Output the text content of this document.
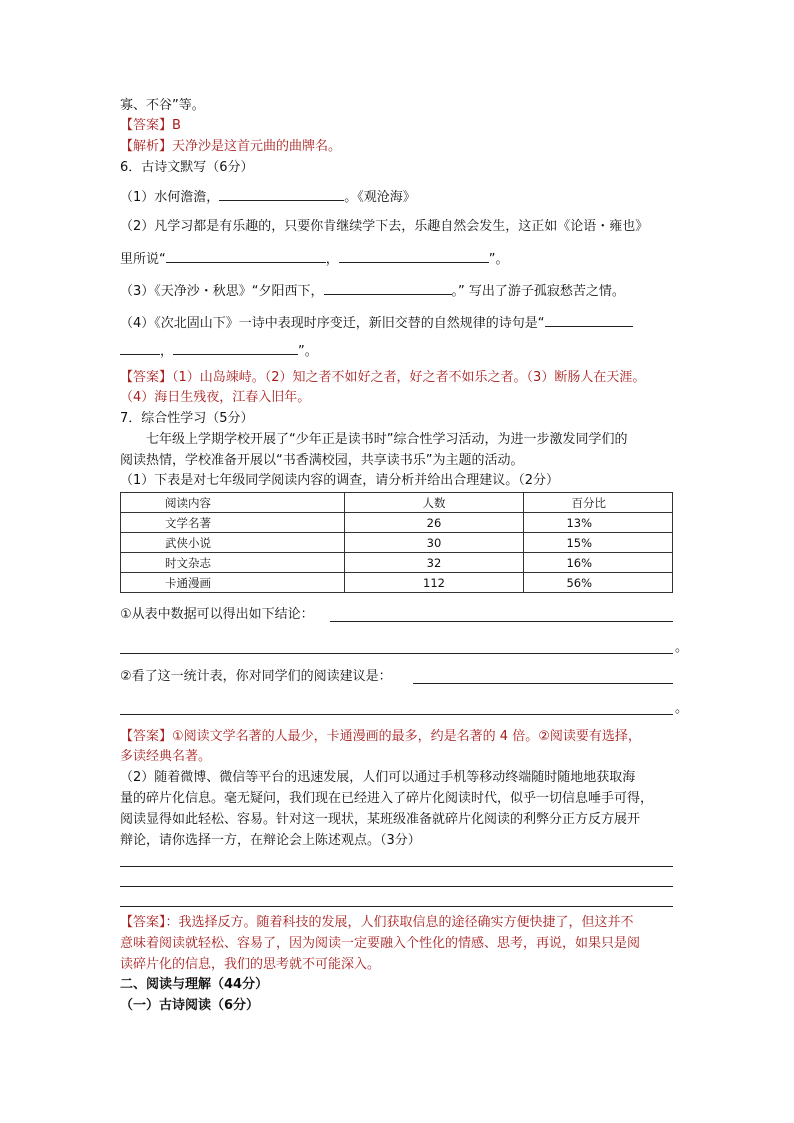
寡、不谷”等。
【答案】B
【解析】天净沙是这首元曲的曲牌名。
6．古诗文默写（6分）
（1）水何澹澹，	。《观沧海》
（2）凡学习都是有乐趣的，只要你肯继续学下去，乐趣自然会发生，这正如《论语・雍也》
里所说“	，	”。
（3）《天净沙・秋思》“夕阳西下，	。” 写出了游子孤寂愁苦之情。
（4）《次北固山下》一诗中表现时序变迁，新旧交替的自然规律的诗句是“
，	”。
【答案】（1）山岛竦峙。（2）知之者不如好之者，好之者不如乐之者。（3）断肠人在天涯。
（4）海日生残夜，江春入旧年。
7．综合性学习（5分）
七年级上学期学校开展了“少年正是读书时”综合性学习活动，为进一步激发同学们的
阅读热情，学校准备开展以“书香满校园，共享读书乐”为主题的活动。
（1）下表是对七年级同学阅读内容的调查，请分析并给出合理建议。（2分）
阅读内容	人数	百分比
文学名著	26	13%
武侠小说	30	15%
时文杂志	32	16%
卡通漫画	112	56%
①从表中数据可以得出如下结论：
。
②看了这一统计表，你对同学们的阅读建议是：
。
【答案】①阅读文学名著的人最少，卡通漫画的最多，约是名著的 4 倍。②阅读要有选择，
多读经典名著。
（2）随着微博、微信等平台的迅速发展，人们可以通过手机等移动终端随时随地地获取海
量的碎片化信息。毫无疑问，我们现在已经进入了碎片化阅读时代，似乎一切信息唾手可得，
阅读显得如此轻松、容易。针对这一现状，某班级准备就碎片化阅读的利弊分正方反方展开
辩论，请你选择一方，在辩论会上陈述观点。（3分）
【答案】：我选择反方。随着科技的发展，人们获取信息的途径确实方便快捷了，但这并不
意味着阅读就轻松、容易了，因为阅读一定要融入个性化的情感、思考，再说，如果只是阅
读碎片化的信息，我们的思考就不可能深入。
二、阅读与理解（44分）
（一）古诗阅读（6分）
